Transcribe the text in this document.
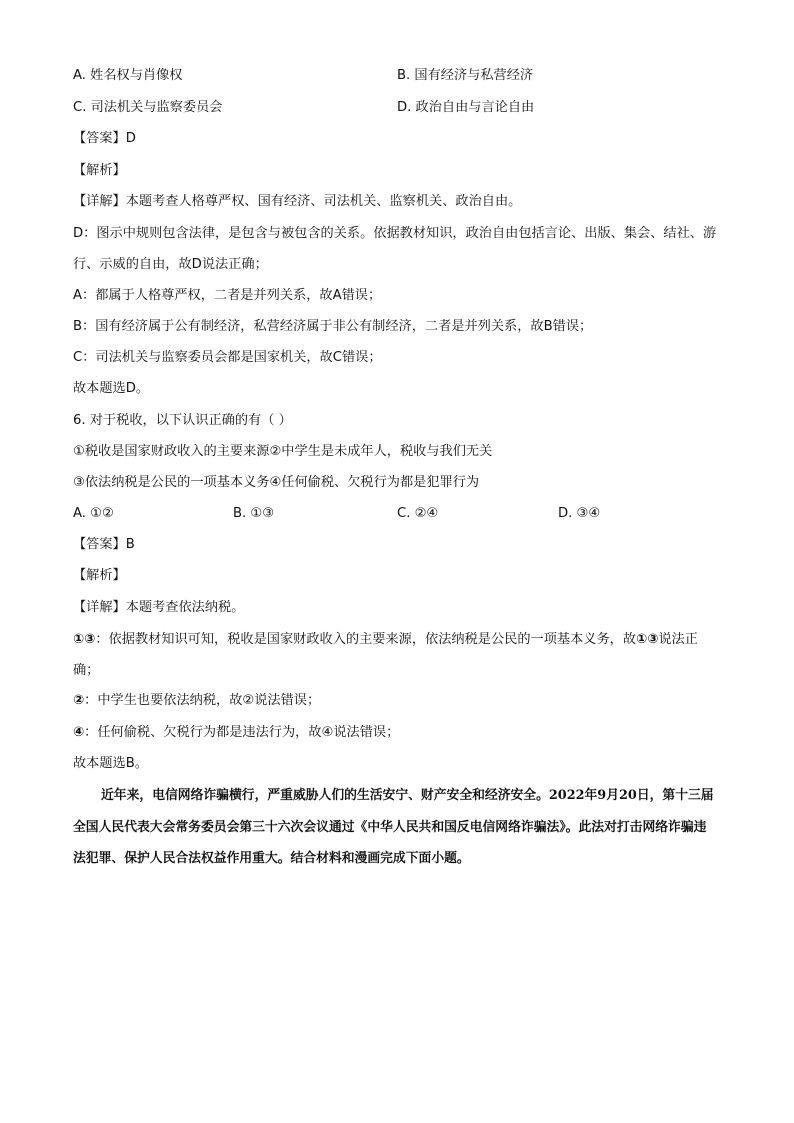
A. 姓名权与肖像权	B. 国有经济与私营经济
C. 司法机关与监察委员会	D. 政治自由与言论自由
【答案】D
【解析】
【详解】本题考查人格尊严权、国有经济、司法机关、监察机关、政治自由。
D：图示中规则包含法律，是包含与被包含的关系。依据教材知识，政治自由包括言论、出版、集会、结社、游行、示威的自由，故D说法正确；
A：都属于人格尊严权，二者是并列关系，故A错误；
B：国有经济属于公有制经济，私营经济属于非公有制经济，二者是并列关系，故B错误；
C：司法机关与监察委员会都是国家机关，故C错误；
故本题选D。
6. 对于税收，以下认识正确的有（ ）
①税收是国家财政收入的主要来源②中学生是未成年人，税收与我们无关
③依法纳税是公民的一项基本义务④任何偷税、欠税行为都是犯罪行为
A. ①②	B. ①③	C. ②④	D. ③④
【答案】B
【解析】
【详解】本题考查依法纳税。
①③：依据教材知识可知，税收是国家财政收入的主要来源，依法纳税是公民的一项基本义务，故①③说法正确；
②：中学生也要依法纳税，故②说法错误；
④：任何偷税、欠税行为都是违法行为，故④说法错误；
故本题选B。
近年来，电信网络诈骗横行，严重威胁人们的生活安宁、财产安全和经济安全。2022年9月20日，第十三届全国人民代表大会常务委员会第三十六次会议通过《中华人民共和国反电信网络诈骗法》。此法对打击网络诈骗违法犯罪、保护人民合法权益作用重大。结合材料和漫画完成下面小题。
